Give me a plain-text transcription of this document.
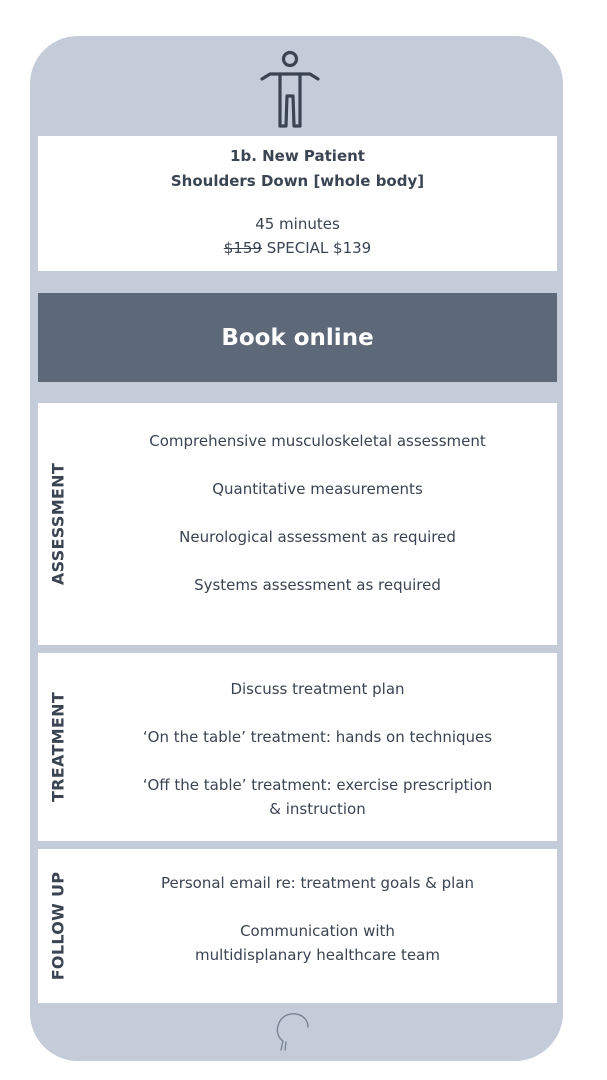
1b. New Patient
Shoulders Down [whole body]
45 minutes
$159 SPECIAL $139
Book online
ASSESSMENT
Comprehensive musculoskeletal assessment
Quantitative measurements
Neurological assessment as required
Systems assessment as required
TREATMENT
Discuss treatment plan
‘On the table’ treatment: hands on techniques
‘Off the table’ treatment: exercise prescription
& instruction
FOLLOW UP	Personal email re: treatment goals & plan
Communication with
multidisplanary healthcare team
